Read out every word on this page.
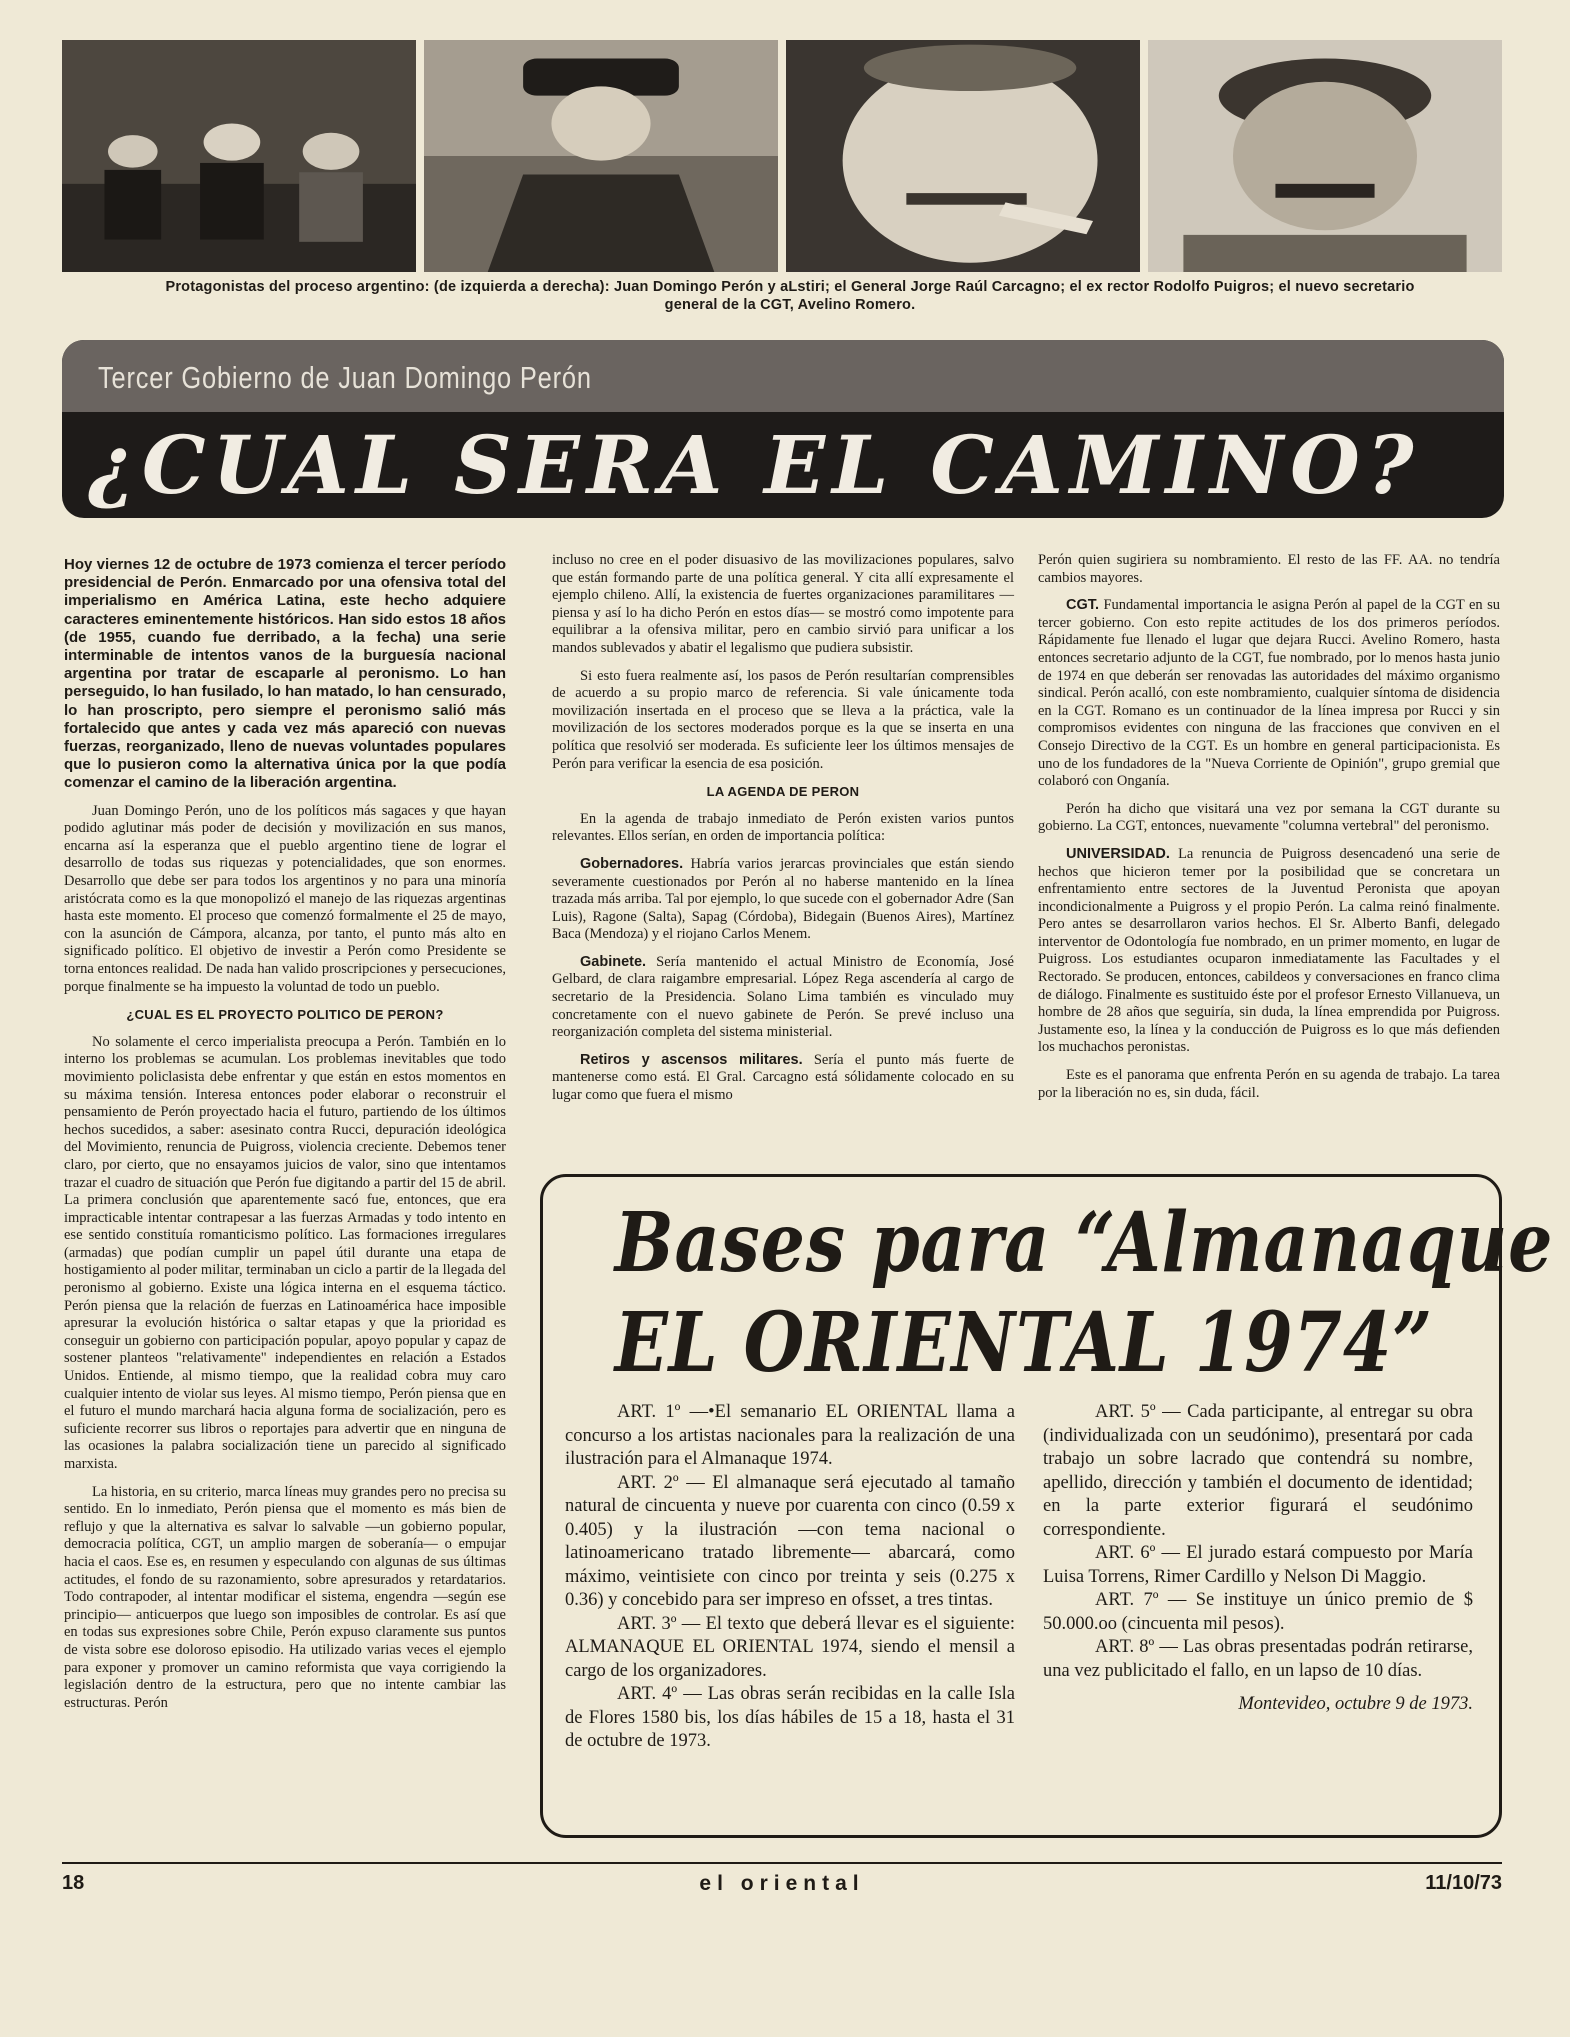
Protagonistas del proceso argentino: (de izquierda a derecha): Juan Domingo Perón y aLstiri; el General Jorge Raúl Carcagno; el ex rector Rodolfo Puigros; el nuevo secretario general de la CGT, Avelino Romero.
Tercer Gobierno de Juan Domingo Perón
¿CUAL SERA EL CAMINO?

Hoy viernes 12 de octubre de 1973 comienza el tercer período presidencial de Perón. Enmarcado por una ofensiva total del imperialismo en América Latina, este hecho adquiere caracteres eminentemente históricos. Han sido estos 18 años (de 1955, cuando fue derribado, a la fecha) una serie interminable de intentos vanos de la burguesía nacional argentina por tratar de escaparle al peronismo. Lo han perseguido, lo han fusilado, lo han matado, lo han censurado, lo han proscripto, pero siempre el peronismo salió más fortalecido que antes y cada vez más apareció con nuevas fuerzas, reorganizado, lleno de nuevas voluntades populares que lo pusieron como la alternativa única por la que podía comenzar el camino de la liberación argentina.

Juan Domingo Perón, uno de los políticos más sagaces y que hayan podido aglutinar más poder de decisión y movilización en sus manos, encarna así la esperanza que el pueblo argentino tiene de lograr el desarrollo de todas sus riquezas y potencialidades, que son enormes. Desarrollo que debe ser para todos los argentinos y no para una minoría aristócrata como es la que monopolizó el manejo de las riquezas argentinas hasta este momento. El proceso que comenzó formalmente el 25 de mayo, con la asunción de Cámpora, alcanza, por tanto, el punto más alto en significado político. El objetivo de investir a Perón como Presidente se torna entonces realidad. De nada han valido proscripciones y persecuciones, porque finalmente se ha impuesto la voluntad de todo un pueblo.

¿CUAL ES EL PROYECTO POLITICO DE PERON?

No solamente el cerco imperialista preocupa a Perón. También en lo interno los problemas se acumulan. Los problemas inevitables que todo movimiento policlasista debe enfrentar y que están en estos momentos en su máxima tensión. Interesa entonces poder elaborar o reconstruir el pensamiento de Perón proyectado hacia el futuro, partiendo de los últimos hechos sucedidos, a saber: asesinato contra Rucci, depuración ideológica del Movimiento, renuncia de Puigross, violencia creciente. Debemos tener claro, por cierto, que no ensayamos juicios de valor, sino que intentamos trazar el cuadro de situación que Perón fue digitando a partir del 15 de abril. La primera conclusión que aparentemente sacó fue, entonces, que era impracticable intentar contrapesar a las fuerzas Armadas y todo intento en ese sentido constituía romanticismo político. Las formaciones irregulares (armadas) que podían cumplir un papel útil durante una etapa de hostigamiento al poder militar, terminaban un ciclo a partir de la llegada del peronismo al gobierno. Existe una lógica interna en el esquema táctico. Perón piensa que la relación de fuerzas en Latinoamérica hace imposible apresurar la evolución histórica o saltar etapas y que la prioridad es conseguir un gobierno con participación popular, apoyo popular y capaz de sostener planteos "relativamente" independientes en relación a Estados Unidos. Entiende, al mismo tiempo, que la realidad cobra muy caro cualquier intento de violar sus leyes. Al mismo tiempo, Perón piensa que en el futuro el mundo marchará hacia alguna forma de socialización, pero es suficiente recorrer sus libros o reportajes para advertir que en ninguna de las ocasiones la palabra socialización tiene un parecido al significado marxista.

La historia, en su criterio, marca líneas muy grandes pero no precisa su sentido. En lo inmediato, Perón piensa que el momento es más bien de reflujo y que la alternativa es salvar lo salvable —un gobierno popular, democracia política, CGT, un amplio margen de soberanía— o empujar hacia el caos. Ese es, en resumen y especulando con algunas de sus últimas actitudes, el fondo de su razonamiento, sobre apresurados y retardatarios. Todo contrapoder, al intentar modificar el sistema, engendra —según ese principio— anticuerpos que luego son imposibles de controlar. Es así que en todas sus expresiones sobre Chile, Perón expuso claramente sus puntos de vista sobre ese doloroso episodio. Ha utilizado varias veces el ejemplo para exponer y promover un camino reformista que vaya corrigiendo la legislación dentro de la estructura, pero que no intente cambiar las estructuras. Perón

incluso no cree en el poder disuasivo de las movilizaciones populares, salvo que están formando parte de una política general. Y cita allí expresamente el ejemplo chileno. Allí, la existencia de fuertes organizaciones paramilitares —piensa y así lo ha dicho Perón en estos días— se mostró como impotente para equilibrar a la ofensiva militar, pero en cambio sirvió para unificar a los mandos sublevados y abatir el legalismo que pudiera subsistir.

Si esto fuera realmente así, los pasos de Perón resultarían comprensibles de acuerdo a su propio marco de referencia. Si vale únicamente toda movilización insertada en el proceso que se lleva a la práctica, vale la movilización de los sectores moderados porque es la que se inserta en una política que resolvió ser moderada. Es suficiente leer los últimos mensajes de Perón para verificar la esencia de esa posición.

LA AGENDA DE PERON

En la agenda de trabajo inmediato de Perón existen varios puntos relevantes. Ellos serían, en orden de importancia política:

Gobernadores. Habría varios jerarcas provinciales que están siendo severamente cuestionados por Perón al no haberse mantenido en la línea trazada más arriba. Tal por ejemplo, lo que sucede con el gobernador Adre (San Luis), Ragone (Salta), Sapag (Córdoba), Bidegain (Buenos Aires), Martínez Baca (Mendoza) y el riojano Carlos Menem.

Gabinete. Sería mantenido el actual Ministro de Economía, José Gelbard, de clara raigambre empresarial. López Rega ascendería al cargo de secretario de la Presidencia. Solano Lima también es vinculado muy concretamente con el nuevo gabinete de Perón. Se prevé incluso una reorganización completa del sistema ministerial.

Retiros y ascensos militares. Sería el punto más fuerte de mantenerse como está. El Gral. Carcagno está sólidamente colocado en su lugar como que fuera el mismo

Perón quien sugiriera su nombramiento. El resto de las FF. AA. no tendría cambios mayores.

CGT. Fundamental importancia le asigna Perón al papel de la CGT en su tercer gobierno. Con esto repite actitudes de los dos primeros períodos. Rápidamente fue llenado el lugar que dejara Rucci. Avelino Romero, hasta entonces secretario adjunto de la CGT, fue nombrado, por lo menos hasta junio de 1974 en que deberán ser renovadas las autoridades del máximo organismo sindical. Perón acalló, con este nombramiento, cualquier síntoma de disidencia en la CGT. Romano es un continuador de la línea impresa por Rucci y sin compromisos evidentes con ninguna de las fracciones que conviven en el Consejo Directivo de la CGT. Es un hombre en general participacionista. Es uno de los fundadores de la "Nueva Corriente de Opinión", grupo gremial que colaboró con Onganía.

Perón ha dicho que visitará una vez por semana la CGT durante su gobierno. La CGT, entonces, nuevamente "columna vertebral" del peronismo.

UNIVERSIDAD. La renuncia de Puigross desencadenó una serie de hechos que hicieron temer por la posibilidad que se concretara un enfrentamiento entre sectores de la Juventud Peronista que apoyan incondicionalmente a Puigross y el propio Perón. La calma reinó finalmente. Pero antes se desarrollaron varios hechos. El Sr. Alberto Banfi, delegado interventor de Odontología fue nombrado, en un primer momento, en lugar de Puigross. Los estudiantes ocuparon inmediatamente las Facultades y el Rectorado. Se producen, entonces, cabildeos y conversaciones en franco clima de diálogo. Finalmente es sustituido éste por el profesor Ernesto Villanueva, un hombre de 28 años que seguiría, sin duda, la línea emprendida por Puigross. Justamente eso, la línea y la conducción de Puigross es lo que más defienden los muchachos peronistas.

Este es el panorama que enfrenta Perón en su agenda de trabajo. La tarea por la liberación no es, sin duda, fácil.

Bases para “Almanaque
EL ORIENTAL 1974”

ART. 1º —•El semanario EL ORIENTAL llama a concurso a los artistas nacionales para la realización de una ilustración para el Almanaque 1974.

ART. 2º — El almanaque será ejecutado al tamaño natural de cincuenta y nueve por cuarenta con cinco (0.59 x 0.405) y la ilustración —con tema nacional o latinoamericano tratado libremente— abarcará, como máximo, veintisiete con cinco por treinta y seis (0.275 x 0.36) y concebido para ser impreso en ofsset, a tres tintas.

ART. 3º — El texto que deberá llevar es el siguiente: ALMANAQUE EL ORIENTAL 1974, siendo el mensil a cargo de los organizadores.

ART. 4º — Las obras serán recibidas en la calle Isla de Flores 1580 bis, los días hábiles de 15 a 18, hasta el 31 de octubre de 1973.

ART. 5º — Cada participante, al entregar su obra (individualizada con un seudónimo), presentará por cada trabajo un sobre lacrado que contendrá su nombre, apellido, dirección y también el documento de identidad; en la parte exterior figurará el seudónimo correspondiente.

ART. 6º — El jurado estará compuesto por María Luisa Torrens, Rimer Cardillo y Nelson Di Maggio.

ART. 7º — Se instituye un único premio de $ 50.000.oo (cincuenta mil pesos).

ART. 8º — Las obras presentadas podrán retirarse, una vez publicitado el fallo, en un lapso de 10 días.

Montevideo, octubre 9 de 1973.

18	el oriental	11/10/73
